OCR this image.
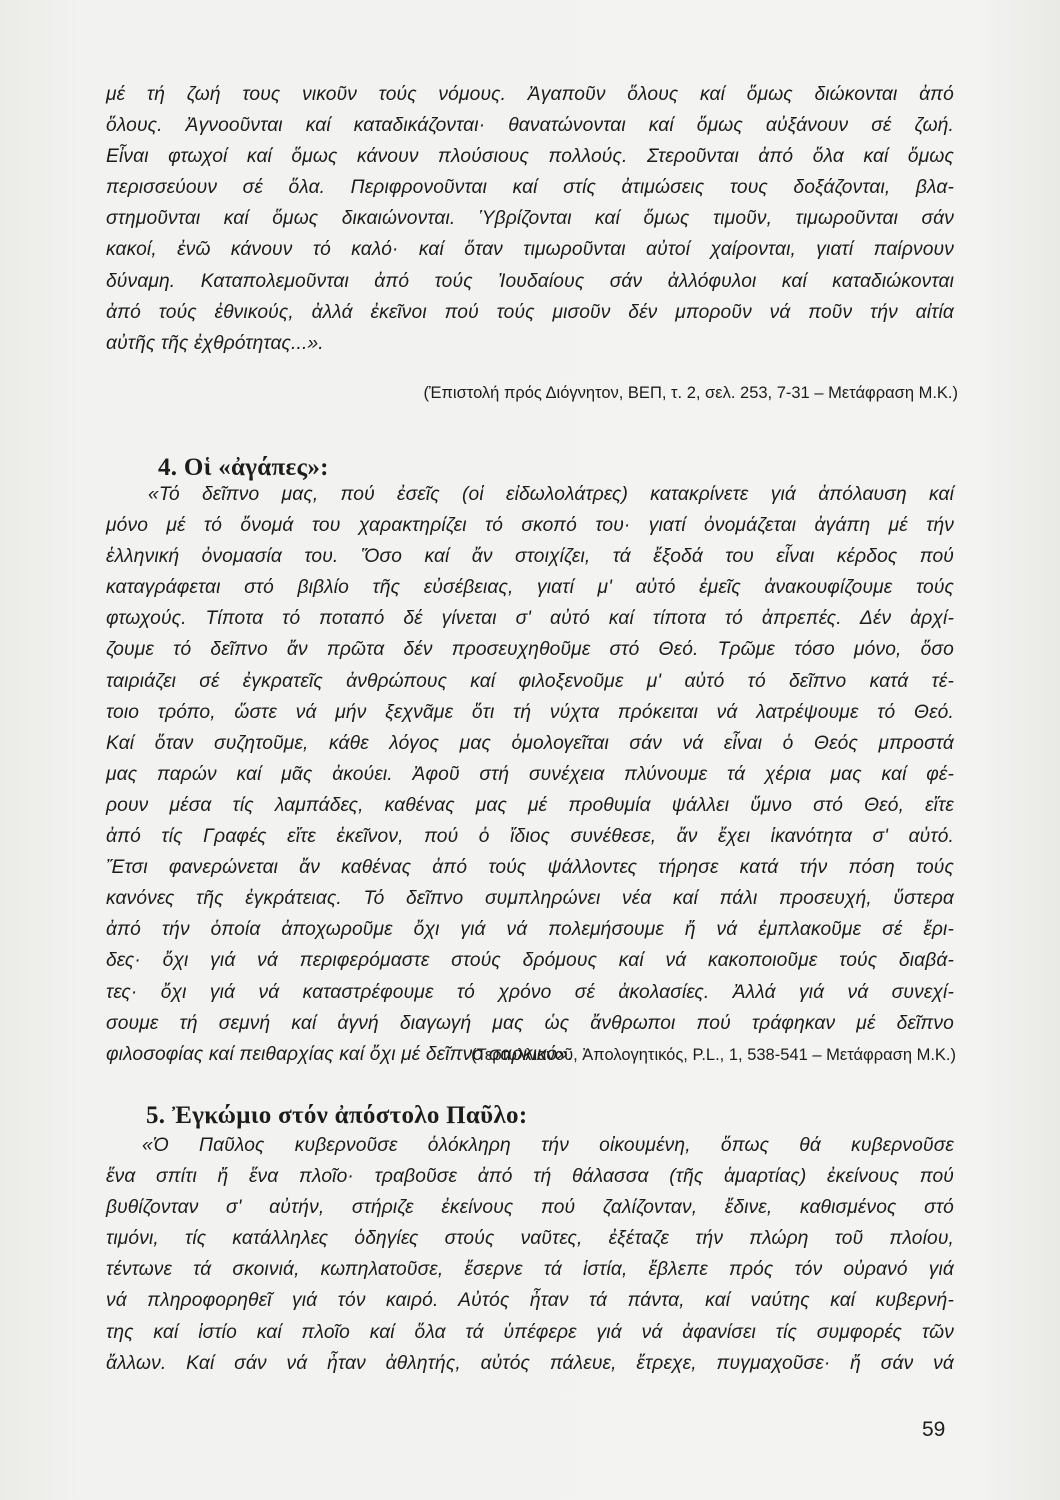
μέ τή ζωή τους νικοῦν τούς νόμους. Ἀγαποῦν ὅλους καί ὅμως διώκονται ἀπό
ὅλους. Ἀγνοοῦνται καί καταδικάζονται· θανατώνονται καί ὅμως αὐξάνουν σέ ζωή.
Εἶναι φτωχοί καί ὅμως κάνουν πλούσιους πολλούς. Στεροῦνται ἀπό ὅλα καί ὅμως
περισσεύουν σέ ὅλα. Περιφρονοῦνται καί στίς ἀτιμώσεις τους δοξάζονται, βλα-
στημοῦνται καί ὅμως δικαιώνονται. Ὑβρίζονται καί ὅμως τιμοῦν, τιμωροῦνται σάν
κακοί, ἐνῶ κάνουν τό καλό· καί ὅταν τιμωροῦνται αὐτοί χαίρονται, γιατί παίρνουν
δύναμη. Καταπολεμοῦνται ἀπό τούς Ἰουδαίους σάν ἀλλόφυλοι καί καταδιώκονται
ἀπό τούς ἐθνικούς, ἀλλά ἐκεῖνοι πού τούς μισοῦν δέν μποροῦν νά ποῦν τήν αἰτία
αὐτῆς τῆς ἐχθρότητας...».
(Ἐπιστολή πρός Διόγνητον, ΒΕΠ, τ. 2, σελ. 253, 7-31 – Μετάφραση Μ.Κ.)
4. Οἱ «ἀγάπες»:
«Τό δεῖπνο μας, πού ἐσεῖς (οἱ εἰδωλολάτρες) κατακρίνετε γιά ἀπόλαυση καί
μόνο μέ τό ὄνομά του χαρακτηρίζει τό σκοπό του· γιατί ὀνομάζεται ἀγάπη μέ τήν
ἑλληνική ὀνομασία του. Ὅσο καί ἄν στοιχίζει, τά ἔξοδά του εἶναι κέρδος πού
καταγράφεται στό βιβλίο τῆς εὐσέβειας, γιατί μ' αὐτό ἐμεῖς ἀνακουφίζουμε τούς
φτωχούς. Τίποτα τό ποταπό δέ γίνεται σ' αὐτό καί τίποτα τό ἀπρεπές. Δέν ἀρχί-
ζουμε τό δεῖπνο ἄν πρῶτα δέν προσευχηθοῦμε στό Θεό. Τρῶμε τόσο μόνο, ὅσο
ταιριάζει σέ ἐγκρατεῖς ἀνθρώπους καί φιλοξενοῦμε μ' αὐτό τό δεῖπνο κατά τέ-
τοιο τρόπο, ὥστε νά μήν ξεχνᾶμε ὅτι τή νύχτα πρόκειται νά λατρέψουμε τό Θεό.
Καί ὅταν συζητοῦμε, κάθε λόγος μας ὁμολογεῖται σάν νά εἶναι ὁ Θεός μπροστά
μας παρών καί μᾶς ἀκούει. Ἀφοῦ στή συνέχεια πλύνουμε τά χέρια μας καί φέ-
ρουν μέσα τίς λαμπάδες, καθένας μας μέ προθυμία ψάλλει ὕμνο στό Θεό, εἴτε
ἀπό τίς Γραφές εἴτε ἐκεῖνον, πού ὁ ἴδιος συνέθεσε, ἄν ἔχει ἱκανότητα σ' αὐτό.
Ἔτσι φανερώνεται ἄν καθένας ἀπό τούς ψάλλοντες τήρησε κατά τήν πόση τούς
κανόνες τῆς ἐγκράτειας. Τό δεῖπνο συμπληρώνει νέα καί πάλι προσευχή, ὕστερα
ἀπό τήν ὁποία ἀποχωροῦμε ὄχι γιά νά πολεμήσουμε ἤ νά ἐμπλακοῦμε σέ ἔρι-
δες· ὄχι γιά νά περιφερόμαστε στούς δρόμους καί νά κακοποιοῦμε τούς διαβά-
τες· ὄχι γιά νά καταστρέφουμε τό χρόνο σέ ἀκολασίες. Ἀλλά γιά νά συνεχί-
σουμε τή σεμνή καί ἁγνή διαγωγή μας ὡς ἄνθρωποι πού τράφηκαν μέ δεῖπνο
φιλοσοφίας καί πειθαρχίας καί ὄχι μέ δεῖπνο σαρκικό».
(Τερτυλλιανοῦ, Ἀπολογητικός, P.L., 1, 538-541 – Μετάφραση Μ.Κ.)
5. Ἐγκώμιο στόν ἀπόστολο Παῦλο:
«Ὁ Παῦλος κυβερνοῦσε ὁλόκληρη τήν οἰκουμένη, ὅπως θά κυβερνοῦσε
ἕνα σπίτι ἤ ἕνα πλοῖο· τραβοῦσε ἀπό τή θάλασσα (τῆς ἁμαρτίας) ἐκείνους πού
βυθίζονταν σ' αὐτήν, στήριζε ἐκείνους πού ζαλίζονταν, ἔδινε, καθισμένος στό
τιμόνι, τίς κατάλληλες ὁδηγίες στούς ναῦτες, ἐξέταζε τήν πλώρη τοῦ πλοίου,
τέντωνε τά σκοινιά, κωπηλατοῦσε, ἔσερνε τά ἱστία, ἔβλεπε πρός τόν οὐρανό γιά
νά πληροφορηθεῖ γιά τόν καιρό. Αὐτός ἦταν τά πάντα, καί ναύτης καί κυβερνή-
της καί ἱστίο καί πλοῖο καί ὅλα τά ὑπέφερε γιά νά ἀφανίσει τίς συμφορές τῶν
ἄλλων. Καί σάν νά ἦταν ἀθλητής, αὐτός πάλευε, ἔτρεχε, πυγμαχοῦσε· ἤ σάν νά
59
